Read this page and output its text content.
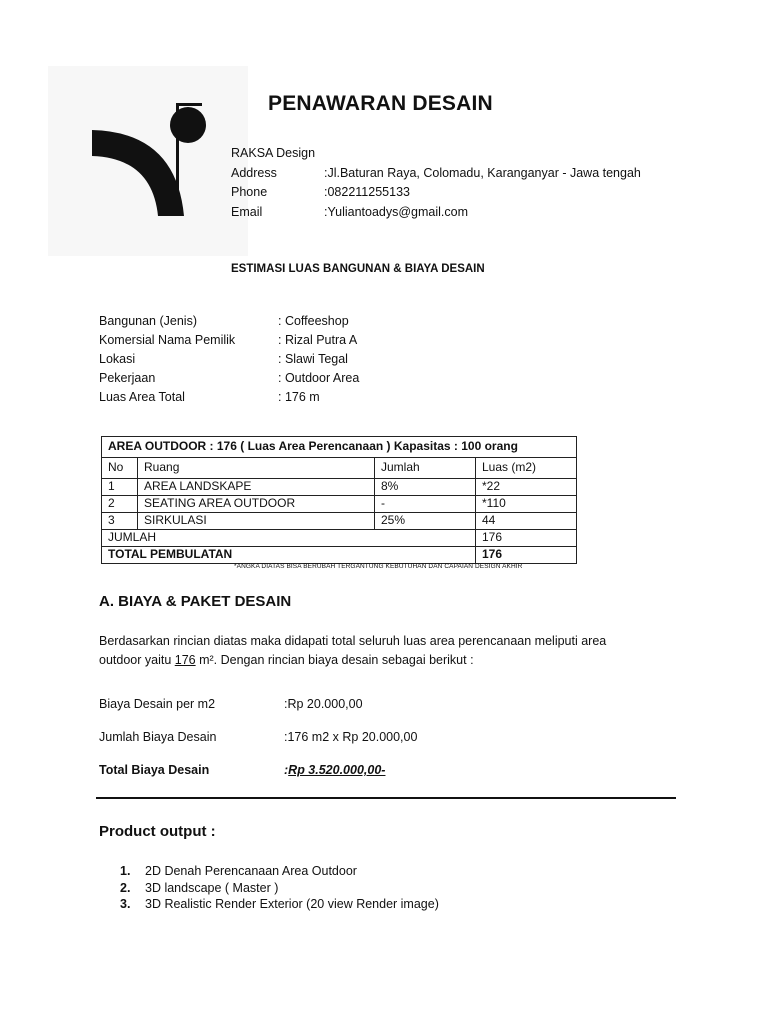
PENAWARAN DESAIN
RAKSA Design
Address	:Jl.Baturan Raya, Colomadu, Karanganyar - Jawa tengah
Phone	:082211255133
Email	:Yuliantoadys@gmail.com
ESTIMASI LUAS BANGUNAN & BIAYA DESAIN
Bangunan (Jenis)	: Coffeeshop
Komersial Nama Pemilik	: Rizal Putra A
Lokasi	: Slawi Tegal
Pekerjaan	: Outdoor Area
Luas Area Total	: 176 m
AREA OUTDOOR : 176 ( Luas Area Perencanaan ) Kapasitas : 100 orang			
No	Ruang	Jumlah	Luas (m2)
1	AREA LANDSKAPE	8%	*22
2	SEATING AREA OUTDOOR	-	*110
3	SIRKULASI	25%	44
JUMLAH			176
TOTAL PEMBULATAN			176
*ANGKA DIATAS BISA BERUBAH TERGANTUNG KEBUTUHAN DAN CAPAIAN DESIGN AKHIR
A. BIAYA & PAKET DESAIN
Berdasarkan rincian diatas maka didapati total seluruh luas area perencanaan meliputi area
outdoor yaitu 176 m². Dengan rincian biaya desain sebagai berikut :
Biaya Desain per m2	:Rp 20.000,00
Jumlah Biaya Desain	:176 m2 x Rp 20.000,00
Total Biaya Desain	:Rp 3.520.000,00-
Product output :
1.	2D Denah Perencanaan Area Outdoor
2.	3D landscape ( Master )
3.	3D Realistic Render Exterior (20 view Render image)
